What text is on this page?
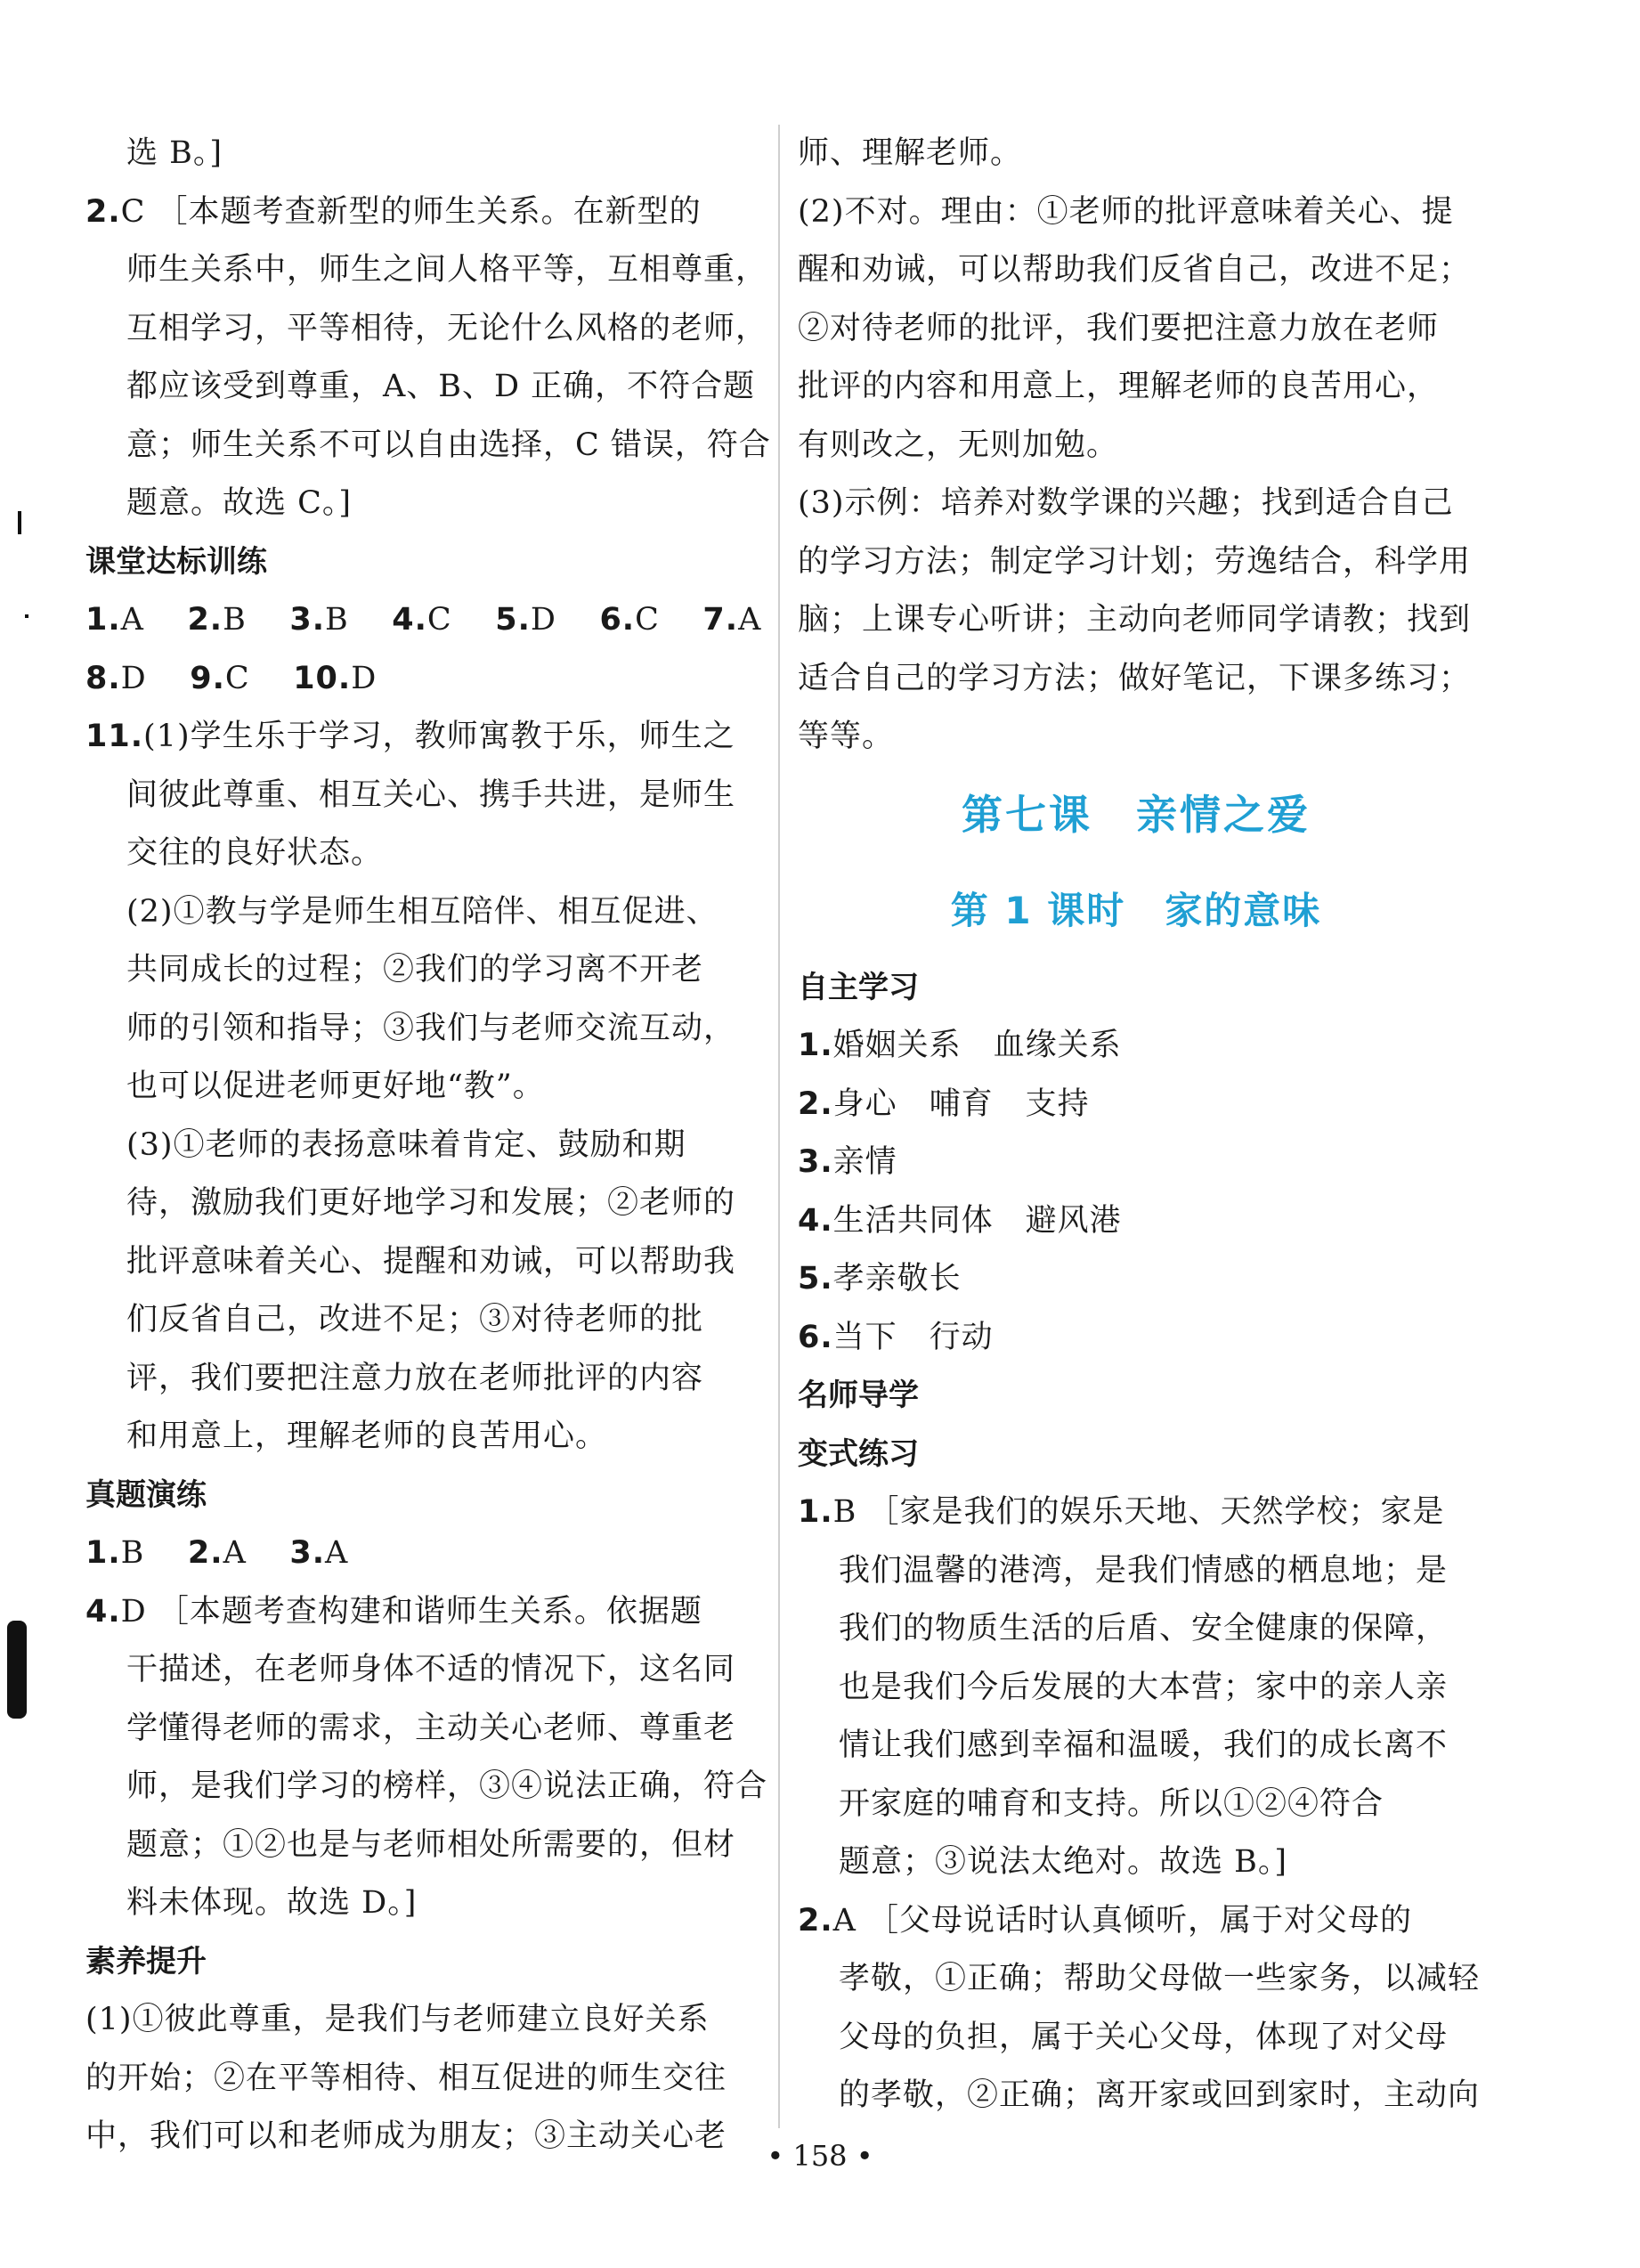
选 B。]
2.C ［本题考查新型的师生关系。在新型的
师生关系中，师生之间人格平等，互相尊重，
互相学习，平等相待，无论什么风格的老师，
都应该受到尊重，A、B、D 正确，不符合题
意；师生关系不可以自由选择，C 错误，符合
题意。故选 C。]
课堂达标训练
1.A 2.B 3.B 4.C 5.D 6.C 7.A
8.D 9.C 10.D
11.(1)学生乐于学习，教师寓教于乐，师生之
间彼此尊重、相互关心、携手共进，是师生
交往的良好状态。
(2)①教与学是师生相互陪伴、相互促进、
共同成长的过程；②我们的学习离不开老
师的引领和指导；③我们与老师交流互动，
也可以促进老师更好地“教”。
(3)①老师的表扬意味着肯定、鼓励和期
待，激励我们更好地学习和发展；②老师的
批评意味着关心、提醒和劝诫，可以帮助我
们反省自己，改进不足；③对待老师的批
评，我们要把注意力放在老师批评的内容
和用意上，理解老师的良苦用心。
真题演练
1.B 2.A 3.A
4.D ［本题考查构建和谐师生关系。依据题
干描述，在老师身体不适的情况下，这名同
学懂得老师的需求，主动关心老师、尊重老
师，是我们学习的榜样，③④说法正确，符合
题意；①②也是与老师相处所需要的，但材
料未体现。故选 D。]
素养提升
(1)①彼此尊重，是我们与老师建立良好关系
的开始；②在平等相待、相互促进的师生交往
中，我们可以和老师成为朋友；③主动关心老
师、理解老师。
(2)不对。理由：①老师的批评意味着关心、提
醒和劝诫，可以帮助我们反省自己，改进不足；
②对待老师的批评，我们要把注意力放在老师
批评的内容和用意上，理解老师的良苦用心，
有则改之，无则加勉。
(3)示例：培养对数学课的兴趣；找到适合自己
的学习方法；制定学习计划；劳逸结合，科学用
脑；上课专心听讲；主动向老师同学请教；找到
适合自己的学习方法；做好笔记，下课多练习；
等等。
第七课　亲情之爱
第 1 课时　家的意味
自主学习
1.婚姻关系　血缘关系
2.身心　哺育　支持
3.亲情
4.生活共同体　避风港
5.孝亲敬长
6.当下　行动
名师导学
变式练习
1.B ［家是我们的娱乐天地、天然学校；家是
我们温馨的港湾，是我们情感的栖息地；是
我们的物质生活的后盾、安全健康的保障，
也是我们今后发展的大本营；家中的亲人亲
情让我们感到幸福和温暖，我们的成长离不
开家庭的哺育和支持。所以①②④符合
题意；③说法太绝对。故选 B。]
2.A ［父母说话时认真倾听，属于对父母的
孝敬，①正确；帮助父母做一些家务，以减轻
父母的负担，属于关心父母，体现了对父母
的孝敬，②正确；离开家或回到家时，主动向
• 158 •
